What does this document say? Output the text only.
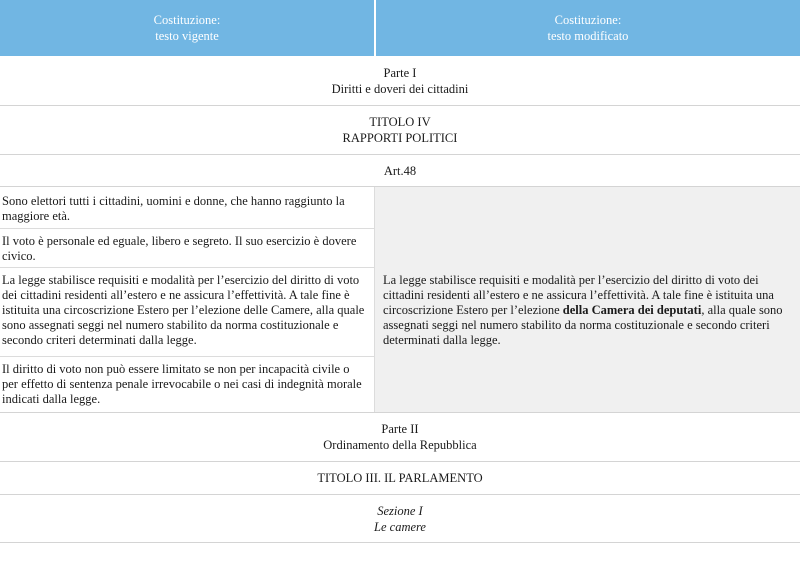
Costituzione:
testo vigente
Costituzione:
testo modificato
Parte I
Diritti e doveri dei cittadini
TITOLO IV
RAPPORTI POLITICI
Art.48
Sono elettori tutti i cittadini, uomini e donne, che hanno raggiunto la maggiore età.
Il voto è personale ed eguale, libero e segreto. Il suo esercizio è dovere civico.
La legge stabilisce requisiti e modalità per l’esercizio del diritto di voto dei cittadini residenti all’estero e ne assicura l’effettività. A tale fine è istituita una circoscrizione Estero per l’elezione delle Camere, alla quale sono assegnati seggi nel numero stabilito da norma costituzionale e secondo criteri determinati dalla legge.
Il diritto di voto non può essere limitato se non per incapacità civile o per effetto di sentenza penale irrevocabile o nei casi di indegnità morale indicati dalla legge.
La legge stabilisce requisiti e modalità per l’esercizio del diritto di voto dei cittadini residenti all’estero e ne assicura l’effettività. A tale fine è istituita una circoscrizione Estero per l’elezione della Camera dei deputati, alla quale sono assegnati seggi nel numero stabilito da norma costituzionale e secondo criteri determinati dalla legge.
Parte II
Ordinamento della Repubblica
TITOLO III. IL PARLAMENTO
Sezione I
Le camere
